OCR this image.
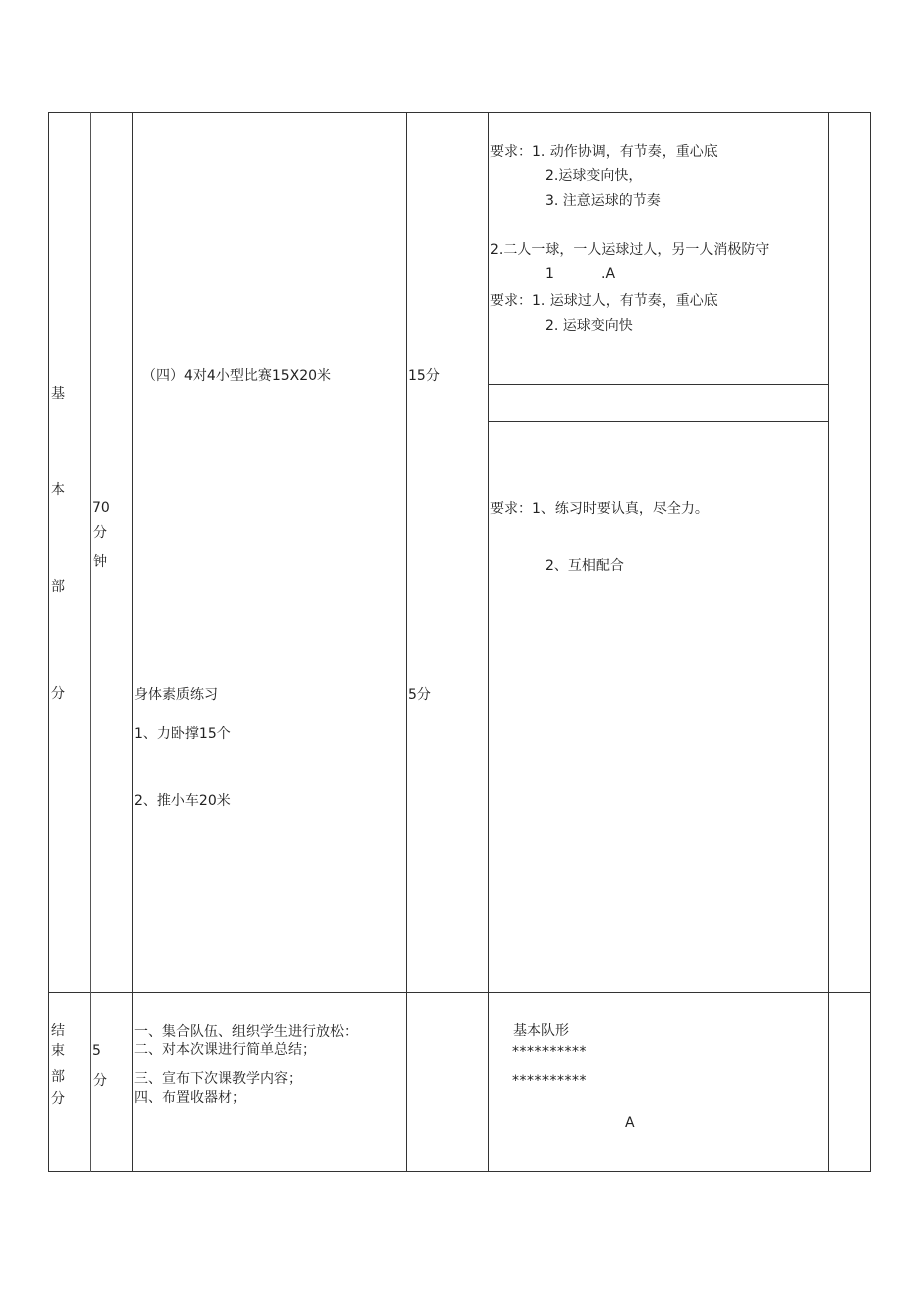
基
本
部
分
70
分
钟
（四）4对4小型比赛15X20米	15分
身体素质练习
1、力卧撑15个
2、推小车20米
5分
要求：1. 动作协调，有节奏，重心底
2.运球变向快，
3. 注意运球的节奏
2.二人一球，一人运球过人，另一人消极防守
1	.A
要求：1. 运球过人，有节奏，重心底
2. 运球变向快
要求：1、练习时要认真，尽全力。
2、互相配合
结
束
部
分
5
分
一、集合队伍、组织学生进行放松：
二、对本次课进行简单总结；
三、宣布下次课教学内容；
四、布置收器材；
基本队形
**********
**********
A
